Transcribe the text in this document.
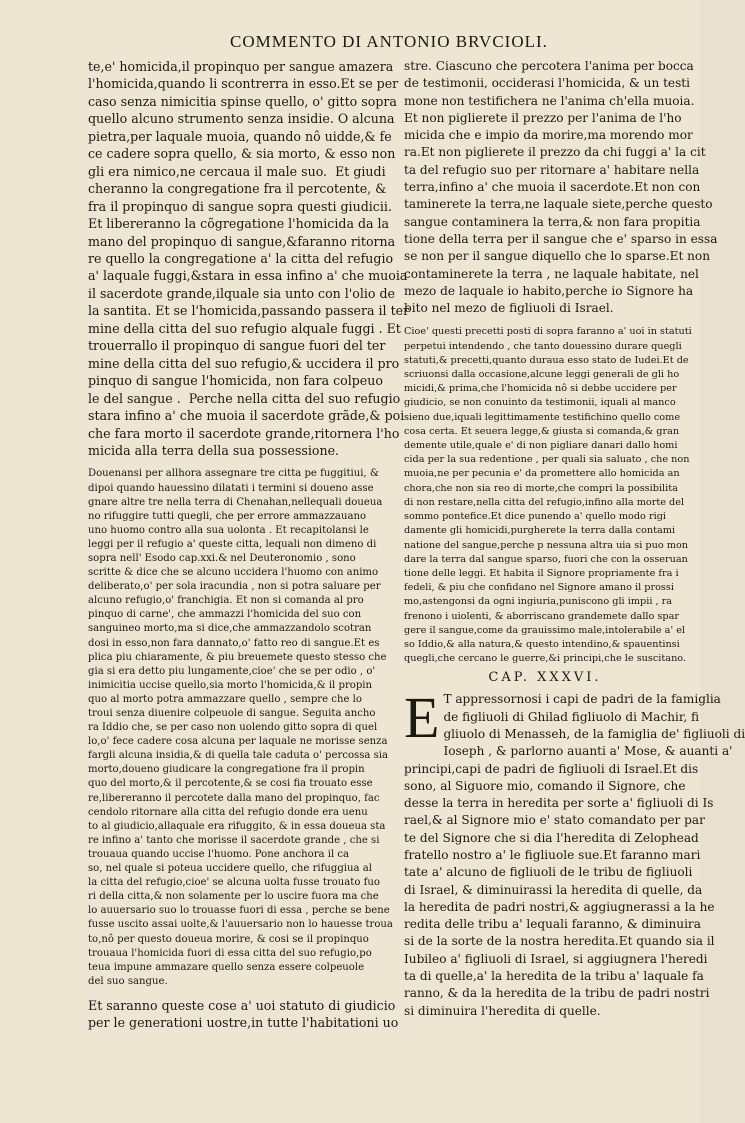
COMMENTO DI ANTONIO BRVCIOLI.

te,e' homicida,il propinquo per sangue amazera

l'homicida,quando li scontrerra in esso.Et se per

caso senza nimicitia spinse quello, o' gitto sopra

quello alcuno strumento senza insidie. O alcuna

pietra,per laquale muoia, quando nô uidde,& fe

ce cadere sopra quello, & sia morto, & esso non

gli era nimico,ne cercaua il male suo.  Et giudi

cheranno la congregatione fra il percotente, &

fra il propinquo di sangue sopra questi giudicii.

Et libereranno la cõgregatione l'homicida da la

mano del propinquo di sangue,&faranno ritorna

re quello la congregatione a' la citta del refugio

a' laquale fuggi,&stara in essa infino a' che muoia

il sacerdote grande,ilquale sia unto con l'olio de

la santita. Et se l'homicida,passando passera il ter

mine della citta del suo refugio alquale fuggi . Et

trouerrallo il propinquo di sangue fuori del ter

mine della citta del suo refugio,& uccidera il pro

pinquo di sangue l'homicida, non fara colpeuo

le del sangue .  Perche nella citta del suo refugio

stara infino a' che muoia il sacerdote grãde,& poi

che fara morto il sacerdote grande,ritornera l'ho

micida alla terra della sua possessione.

Douenansi per allhora assegnare tre citta pe fuggitiui, &

dipoi quando hauessino dilatati i termini si doueno asse

gnare altre tre nella terra di Chenahan,nellequali doueua

no rifuggire tutti quegli, che per errore ammazzauano

uno huomo contro alla sua uolonta . Et recapitolansi le

leggi per il refugio a' queste citta, lequali non dimeno di

sopra nell' Esodo cap.xxi.& nel Deuteronomio , sono

scritte & dice che se alcuno uccidera l'huomo con animo

deliberato,o' per sola iracundia , non si potra saluare per

alcuno refugio,o' franchigia. Et non si comanda al pro

pinquo di carne', che ammazzi l'homicida del suo con

sanguineo morto,ma si dice,che ammazzandolo scotran

dosi in esso,non fara dannato,o' fatto reo di sangue.Et es

plica piu chiaramente, & piu breuemete questo stesso che

gia si era detto piu lungamente,cioe' che se per odio , o'

inimicitia uccise quello,sia morto l'homicida,& il propin

quo al morto potra ammazzare quello , sempre che lo

troui senza diuenire colpeuole di sangue. Seguita ancho

ra Iddio che, se per caso non uolendo gitto sopra di quel

lo,o' fece cadere cosa alcuna per laquale ne morisse senza

fargli alcuna insidia,& di quella tale caduta o' percossa sia

morto,doueno giudicare la congregatione fra il propin

quo del morto,& il percotente,& se cosi fia trouato esse

re,libereranno il percotete dalla mano del propinquo, fac

cendolo ritornare alla citta del refugio donde era uenu

to al giudicio,allaquale era rifuggito, & in essa doueua sta

re infino a' tanto che morisse il sacerdote grande , che si

trouaua quando uccise l'huomo. Pone anchora il ca

so, nel quale si poteua uccidere quello, che rifuggiua al

la citta del refugio,cioe' se alcuna uolta fusse trouato fuo

ri della citta,& non solamente per lo uscire fuora ma che

lo auuersario suo lo trouasse fuori di essa , perche se bene

fusse uscito assai uolte,& l'auuersario non lo hauesse troua

to,nô per questo doueua morire, & cosi se il propinquo

trouaua l'homicida fuori di essa citta del suo refugio,po

teua impune ammazare quello senza essere colpeuole

del suo sangue.

Et saranno queste cose a' uoi statuto di giudicio

per le generationi uostre,in tutte l'habitationi uo

stre. Ciascuno che percotera l'anima per bocca

de testimonii, occiderasi l'homicida, & un testi

mone non testifichera ne l'anima ch'ella muoia.

Et non piglierete il prezzo per l'anima de l'ho

micida che e impio da morire,ma morendo mor

ra.Et non piglierete il prezzo da chi fuggi a' la cit

ta del refugio suo per ritornare a' habitare nella

terra,infino a' che muoia il sacerdote.Et non con

taminerete la terra,ne laquale siete,perche questo

sangue contaminera la terra,& non fara propitia

tione della terra per il sangue che e' sparso in essa

se non per il sangue diquello che lo sparse.Et non

contaminerete la terra , ne laquale habitate, nel

mezo de laquale io habito,perche io Signore ha

bito nel mezo de figliuoli di Israel.

Cioe' questi precetti posti di sopra faranno a' uoi in statuti

perpetui intendendo , che tanto douessino durare quegli

statuti,& precetti,quanto duraua esso stato de Iudei.Et de

scriuonsi dalla occasione,alcune leggi generali de gli ho

micidi,& prima,che l'homicida nô si debbe uccidere per

giudicio, se non conuinto da testimonii, iquali al manco

sieno due,iquali legittimamente testifichino quello come

cosa certa. Et seuera legge,& giusta si comanda,& gran

demente utile,quale e' di non pigliare danari dallo homi

cida per la sua redentione , per quali sia saluato , che non

muoia,ne per pecunia e' da promettere allo homicida an

chora,che non sia reo di morte,che compri la possibilita

di non restare,nella citta del refugio,infino alla morte del

sommo pontefice.Et dice punendo a' quello modo rigi

damente gli homicidi,purgherete la terra dalla contami

natione del sangue,perche p nessuna altra uia si puo mon

dare la terra dal sangue sparso, fuori che con la osseruan

tione delle leggi. Et habita il Signore propriamente fra i

fedeli, & piu che confidano nel Signore amano il prossi

mo,astengonsi da ogni ingiuria,puniscono gli impii , ra

frenono i uiolenti, & aborriscano grandemete dallo spar

gere il sangue,come da grauissimo male,intolerabile a' el

so Iddio,& alla natura,& questo intendino,& spauentinsi

quegli,che cercano le guerre,&i principi,che le suscitano.

CAP. XXXVI.
E T appressornosi i capi de padri de la famiglia

de figliuoli di Ghilad figliuolo di Machir, fi

gliuolo di Menasseh, de la famiglia de' figliuoli di

Ioseph , & parlorno auanti a' Mose, & auanti a'

principi,capi de padri de figliuoli di Israel.Et dis

sono, al Siguore mio, comando il Signore, che

desse la terra in heredita per sorte a' figliuoli di Is

rael,& al Signore mio e' stato comandato per par

te del Signore che si dia l'heredita di Zelophead

fratello nostro a' le figliuole sue.Et faranno mari

tate a' alcuno de figliuoli de le tribu de figliuoli

di Israel, & diminuirassi la heredita di quelle, da

la heredita de padri nostri,& aggiugnerassi a la he

redita delle tribu a' lequali faranno, & diminuira

si de la sorte de la nostra heredita.Et quando sia il

Iubileo a' figliuoli di Israel, si aggiugnera l'heredi

ta di quelle,a' la heredita de la tribu a' laquale fa

ranno, & da la heredita de la tribu de padri nostri

si diminuira l'heredita di quelle.
